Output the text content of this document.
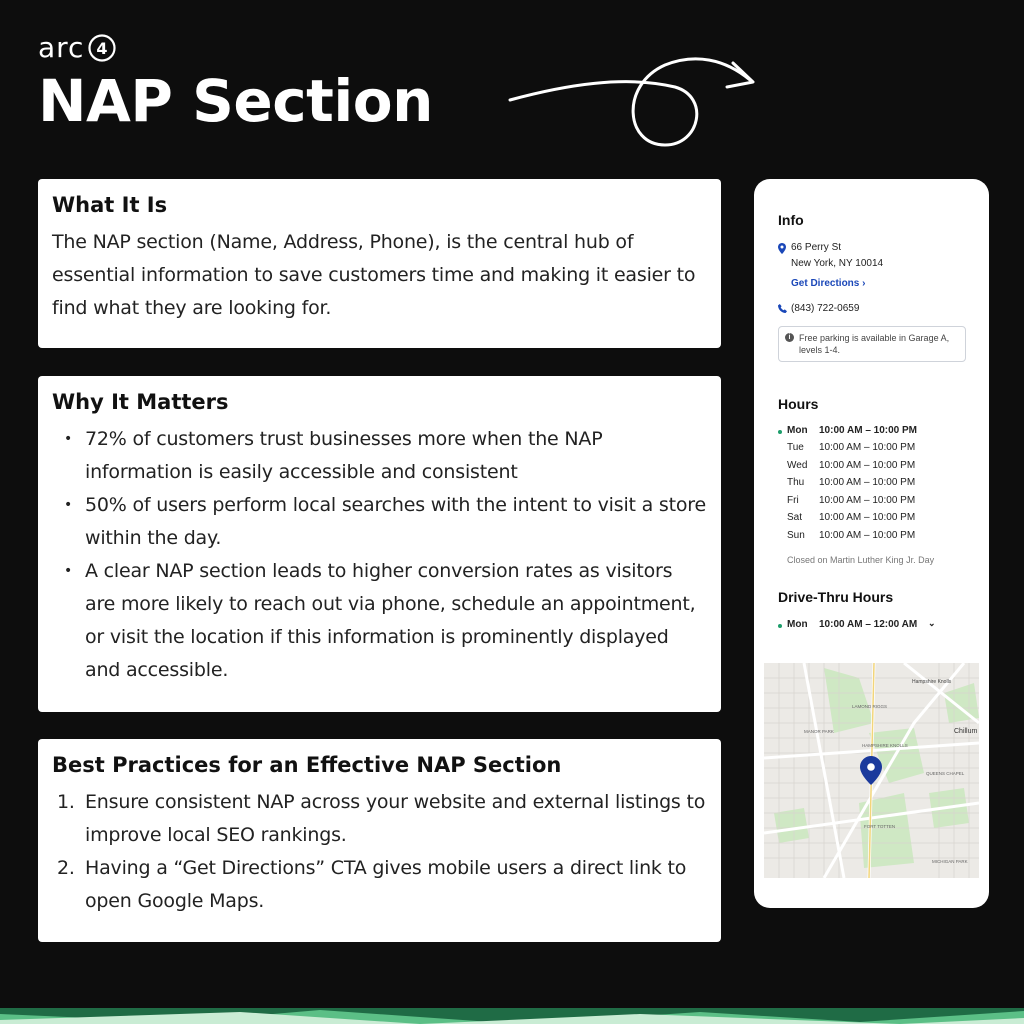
arc 4
NAP Section
What It Is

The NAP section (Name, Address, Phone), is the central hub of essential information to save customers time and making it easier to find what they are looking for.

Why It Matters
• 72% of customers trust businesses more when the NAP information is easily accessible and consistent
• 50% of users perform local searches with the intent to visit a store within the day.
• A clear NAP section leads to higher conversion rates as visitors are more likely to reach out via phone, schedule an appointment, or visit the location if this information is prominently displayed and accessible.
Best Practices for an Effective NAP Section
1. Ensure consistent NAP across your website and external listings to improve local SEO rankings.
2. Having a “Get Directions” CTA gives mobile users a direct link to open Google Maps.
Info
66 Perry St
New York, NY 10014
Get Directions ›
(843) 722-0659
i Free parking is available in Garage A, levels 1-4.
Hours
Mon	10:00 AM – 10:00 PM
Tue	10:00 AM – 10:00 PM
Wed	10:00 AM – 10:00 PM
Thu	10:00 AM – 10:00 PM
Fri	10:00 AM – 10:00 PM
Sat	10:00 AM – 10:00 PM
Sun	10:00 AM – 10:00 PM
Closed on Martin Luther King Jr. Day
Drive-Thru Hours
Mon	10:00 AM – 12:00 AM ⌄
Hampshire Knolls
Chillum
MANOR PARK
LAMOND RIGGS
HAMPSHIRE KNOLLS
QUEENS CHAPEL
MICHIGAN PARK
FORT TOTTEN
